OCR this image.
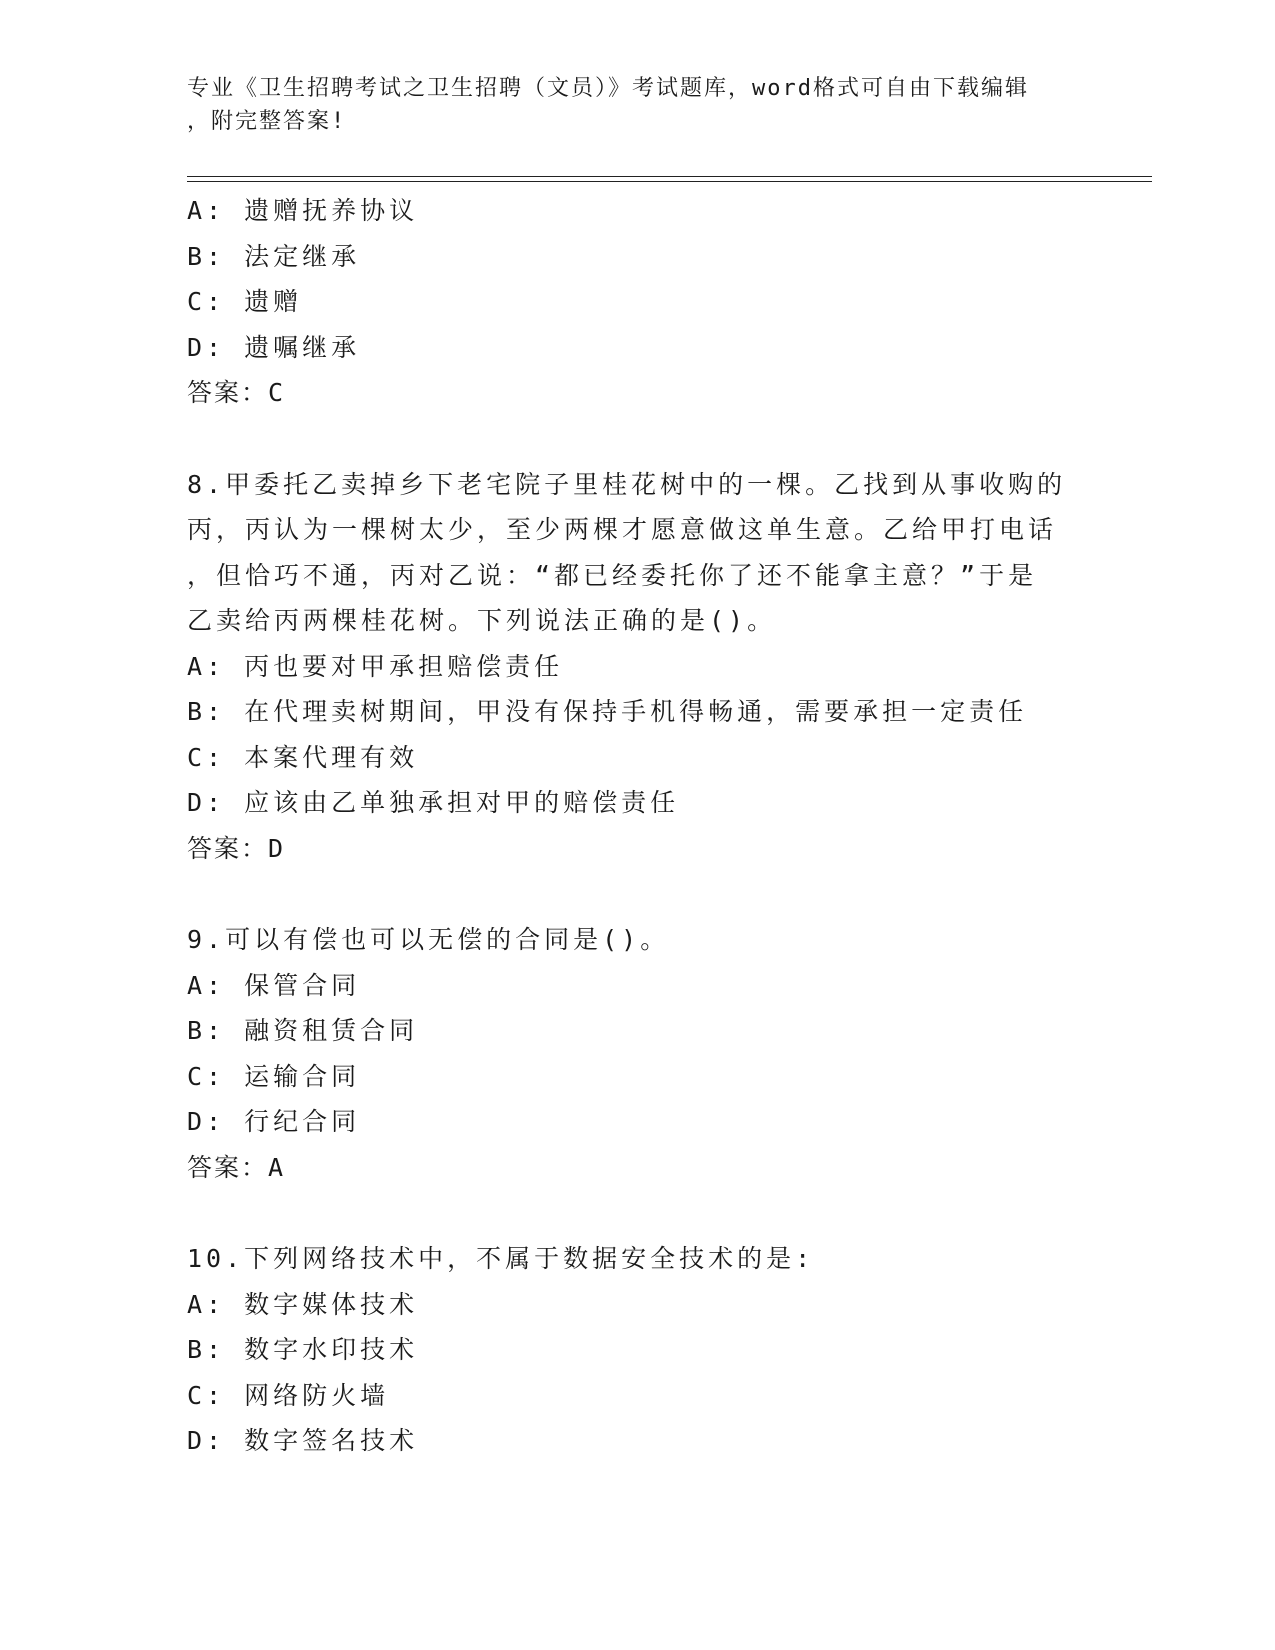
专业《卫生招聘考试之卫生招聘（文员）》考试题库，word格式可自由下载编辑
，附完整答案!
A: 遗赠抚养协议
B: 法定继承
C: 遗赠
D: 遗嘱继承
答案：C
8.甲委托乙卖掉乡下老宅院子里桂花树中的一棵。乙找到从事收购的
丙，丙认为一棵树太少，至少两棵才愿意做这单生意。乙给甲打电话
，但恰巧不通，丙对乙说：“都已经委托你了还不能拿主意？”于是
乙卖给丙两棵桂花树。下列说法正确的是()。
A: 丙也要对甲承担赔偿责任
B: 在代理卖树期间，甲没有保持手机得畅通，需要承担一定责任
C: 本案代理有效
D: 应该由乙单独承担对甲的赔偿责任
答案：D
9.可以有偿也可以无偿的合同是()。
A: 保管合同
B: 融资租赁合同
C: 运输合同
D: 行纪合同
答案：A
10.下列网络技术中，不属于数据安全技术的是:
A: 数字媒体技术
B: 数字水印技术
C: 网络防火墙
D: 数字签名技术
